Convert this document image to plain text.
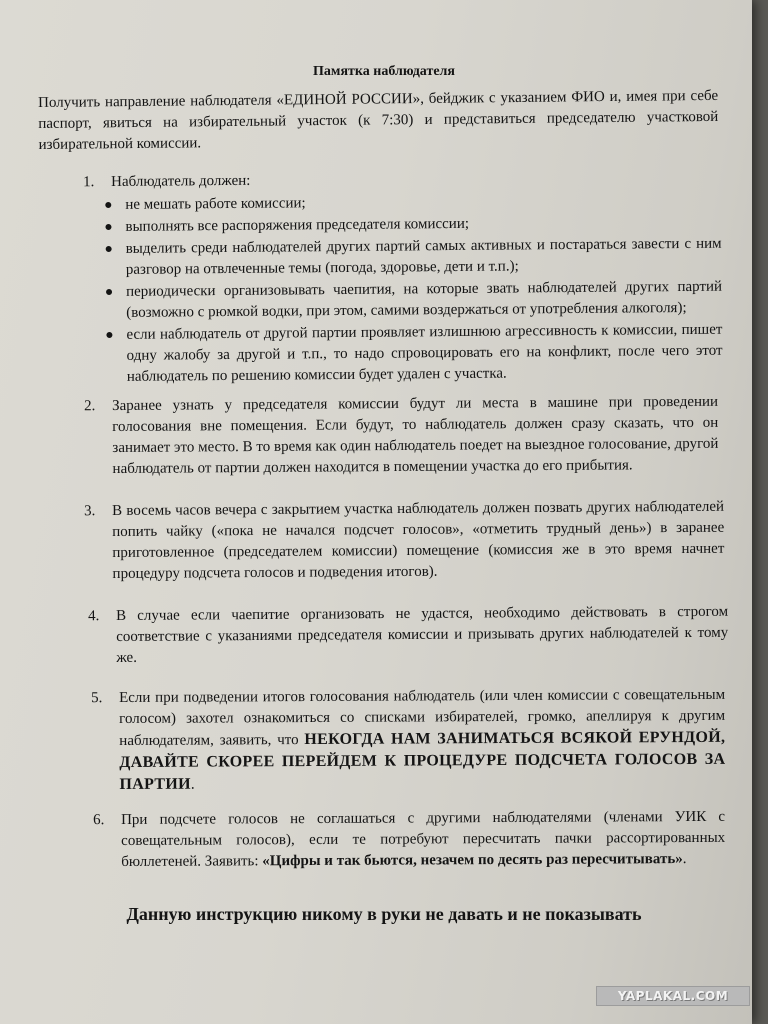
Памятка наблюдателя
Получить направление наблюдателя «ЕДИНОЙ РОССИИ», бейджик с указанием ФИО и, имея при себе паспорт, явиться на избирательный участок (к 7:30) и представиться председателю участковой избирательной комиссии.
1. Наблюдатель должен:
не мешать работе комиссии;
выполнять все распоряжения председателя комиссии;
выделить среди наблюдателей других партий самых активных и постараться завести с ним разговор на отвлеченные темы (погода, здоровье, дети и т.п.);
периодически организовывать чаепития, на которые звать наблюдателей других партий (возможно с рюмкой водки, при этом, самими воздержаться от употребления алкоголя);
если наблюдатель от другой партии проявляет излишнюю агрессивность к комиссии, пишет одну жалобу за другой и т.п., то надо спровоцировать его на конфликт, после чего этот наблюдатель по решению комиссии будет удален с участка.
2. Заранее узнать у председателя комиссии будут ли места в машине при проведении голосования вне помещения. Если будут, то наблюдатель должен сразу сказать, что он занимает это место. В то время как один наблюдатель поедет на выездное голосование, другой наблюдатель от партии должен находится в помещении участка до его прибытия.
3. В восемь часов вечера с закрытием участка наблюдатель должен позвать других наблюдателей попить чайку («пока не начался подсчет голосов», «отметить трудный день») в заранее приготовленное (председателем комиссии) помещение (комиссия же в это время начнет процедуру подсчета голосов и подведения итогов).
4. В случае если чаепитие организовать не удастся, необходимо действовать в строгом соответствие с указаниями председателя комиссии и призывать других наблюдателей к тому же.
5. Если при подведении итогов голосования наблюдатель (или член комиссии с совещательным голосом) захотел ознакомиться со списками избирателей, громко, апеллируя к другим наблюдателям, заявить, что НЕКОГДА НАМ ЗАНИМАТЬСЯ ВСЯКОЙ ЕРУНДОЙ, ДАВАЙТЕ СКОРЕЕ ПЕРЕЙДЕМ К ПРОЦЕДУРЕ ПОДСЧЕТА ГОЛОСОВ ЗА ПАРТИИ.
6. При подсчете голосов не соглашаться с другими наблюдателями (членами УИК с совещательным голосов), если те потребуют пересчитать пачки рассортированных бюллетеней. Заявить: «Цифры и так бьются, незачем по десять раз пересчитывать».
Данную инструкцию никому в руки не давать и не показывать
YAPLAKAL.COM
